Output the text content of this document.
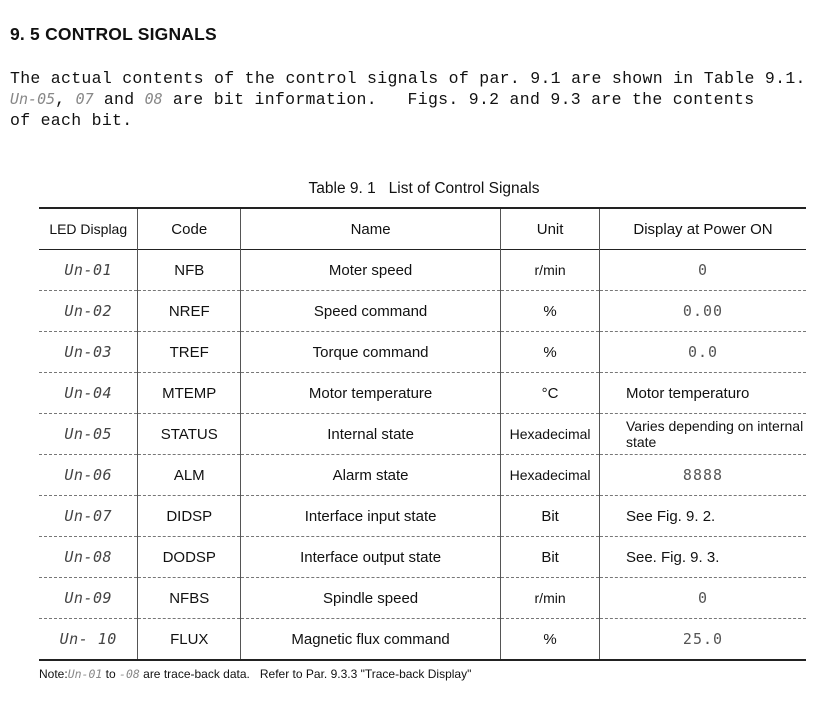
9. 5 CONTROL SIGNALS
The actual contents of the control signals of par. 9.1 are shown in Table 9.1.
Un-05, 07 and 08 are bit information.   Figs. 9.2 and 9.3 are the contents
of each bit.
Table 9. 1   List of Control Signals
LED Displag	Code	Name	Unit	Display at Power ON
Un-01	NFB	Moter speed	r/min	0
Un-02	NREF	Speed command	%	0.00
Un-03	TREF	Torque command	%	0.0
Un-04	MTEMP	Motor temperature	°C	Motor temperaturo
Un-05	STATUS	Internal state	Hexadecimal	Varies depending on internal state
Un-06	ALM	Alarm state	Hexadecimal	8888
Un-07	DIDSP	Interface input state	Bit	See Fig. 9. 2.
Un-08	DODSP	Interface output state	Bit	See. Fig. 9. 3.
Un-09	NFBS	Spindle speed	r/min	0
Un- 10	FLUX	Magnetic flux command	%	25.0
Note:Un-01 to -08 are trace-back data.   Refer to Par. 9.3.3 "Trace-back Display"
